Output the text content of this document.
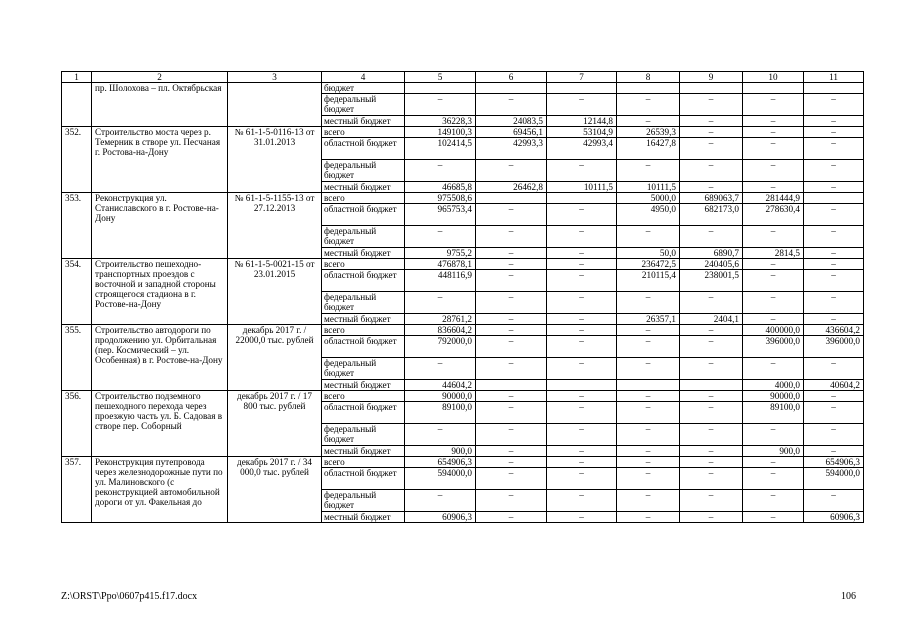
1	2	3	4	5	6	7	8	9	10	11
	пр. Шолохова – пл. Октябрьская		бюджет							
			федеральный бюджет	–	–	–	–	–	–	–
			местный бюджет	36228,3	24083,5	12144,8	–	–	–	–
352.	Строительство моста через р. Темерник в створе ул. Песчаная г. Ростова-на-Дону	№ 61-1-5-0116-13 от 31.01.2013	всего	149100,3	69456,1	53104,9	26539,3	–	–	–
			областной бюджет	102414,5	42993,3	42993,4	16427,8	–	–	–
			федеральный бюджет	–	–	–	–	–	–	–
			местный бюджет	46685,8	26462,8	10111,5	10111,5	–	–	–
353.	Реконструкция ул. Станиславского в г. Ростове-на-Дону	№ 61-1-5-1155-13 от 27.12.2013	всего	975508,6			5000,0	689063,7	281444,9	
			областной бюджет	965753,4	–	–	4950,0	682173,0	278630,4	–
			федеральный бюджет	–	–	–	–	–	–	–
			местный бюджет	9755,2	–	–	50,0	6890,7	2814,5	–
354.	Строительство пешеходно-транспортных проездов с восточной и западной стороны строящегося стадиона в г. Ростове-на-Дону	№ 61-1-5-0021-15 от 23.01.2015	всего	476878,1	–	–	236472,5	240405,6	–	–
			областной бюджет	448116,9	–	–	210115,4	238001,5	–	–
			федеральный бюджет	–	–	–	–	–	–	–
			местный бюджет	28761,2	–	–	26357,1	2404,1	–	–
355.	Строительство автодороги по продолжению ул. Орбитальная (пер. Космический – ул. Особенная) в г. Ростове-на-Дону	декабрь 2017 г. / 22000,0 тыс. рублей	всего	836604,2	–	–	–	–	400000,0	436604,2
			областной бюджет	792000,0	–	–	–	–	396000,0	396000,0
			федеральный бюджет	–	–	–	–	–	–	–
			местный бюджет	44604,2					4000,0	40604,2
356.	Строительство подземного пешеходного перехода через проезжую часть ул. Б. Садовая в створе пер. Соборный	декабрь 2017 г. / 17 800 тыс. рублей	всего	90000,0	–	–	–	–	90000,0	–
			областной бюджет	89100,0	–	–	–	–	89100,0	–
			федеральный бюджет	–	–	–	–	–	–	–
			местный бюджет	900,0	–	–	–	–	900,0	–
357.	Реконструкция путепровода через железнодорожные пути по ул. Малиновского (с реконструкцией автомобильной дороги от ул. Факельная до	декабрь 2017 г. / 34 000,0 тыс. рублей	всего	654906,3	–	–	–	–	–	654906,3
			областной бюджет	594000,0	–	–	–	–	–	594000,0
			федеральный бюджет	–	–	–	–	–	–	–
			местный бюджет	60906,3	–	–	–	–	–	60906,3
Z:\ORST\Ppo\0607p415.f17.docx	106
